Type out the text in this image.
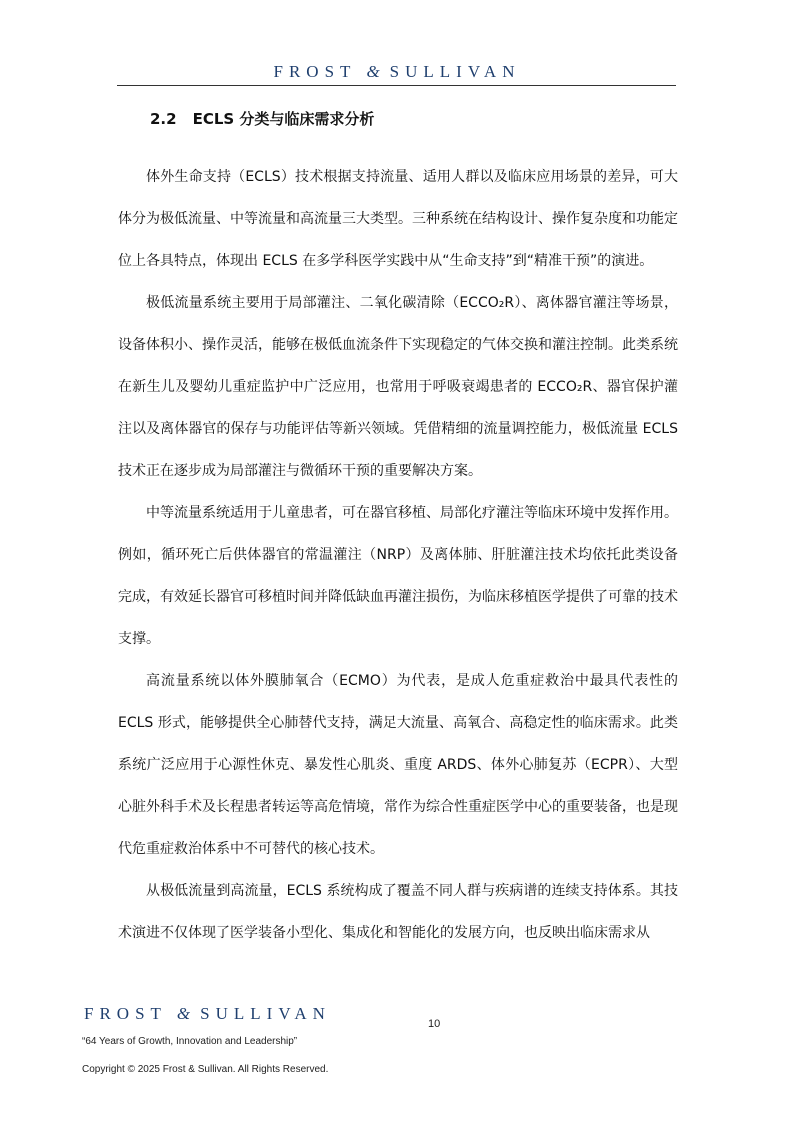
FROST & SULLIVAN
2.2 ECLS 分类与临床需求分析

体外生命支持（ECLS）技术根据支持流量、适用人群以及临床应用场景的差异，可大体分为极低流量、中等流量和高流量三大类型。三种系统在结构设计、操作复杂度和功能定位上各具特点，体现出 ECLS 在多学科医学实践中从“生命支持”到“精准干预”的演进。

极低流量系统主要用于局部灌注、二氧化碳清除（ECCO₂R）、离体器官灌注等场景，设备体积小、操作灵活，能够在极低血流条件下实现稳定的气体交换和灌注控制。此类系统在新生儿及婴幼儿重症监护中广泛应用，也常用于呼吸衰竭患者的 ECCO₂R、器官保护灌注以及离体器官的保存与功能评估等新兴领域。凭借精细的流量调控能力，极低流量 ECLS 技术正在逐步成为局部灌注与微循环干预的重要解决方案。

中等流量系统适用于儿童患者，可在器官移植、局部化疗灌注等临床环境中发挥作用。例如，循环死亡后供体器官的常温灌注（NRP）及离体肺、肝脏灌注技术均依托此类设备完成，有效延长器官可移植时间并降低缺血再灌注损伤，为临床移植医学提供了可靠的技术支撑。

高流量系统以体外膜肺氧合（ECMO）为代表，是成人危重症救治中最具代表性的 ECLS 形式，能够提供全心肺替代支持，满足大流量、高氧合、高稳定性的临床需求。此类系统广泛应用于心源性休克、暴发性心肌炎、重度 ARDS、体外心肺复苏（ECPR）、大型心脏外科手术及长程患者转运等高危情境，常作为综合性重症医学中心的重要装备，也是现代危重症救治体系中不可替代的核心技术。

从极低流量到高流量，ECLS 系统构成了覆盖不同人群与疾病谱的连续支持体系。其技术演进不仅体现了医学装备小型化、集成化和智能化的发展方向，也反映出临床需求从

FROST & SULLIVAN
10
“64 Years of Growth, Innovation and Leadership”
Copyright © 2025 Frost & Sullivan. All Rights Reserved.
